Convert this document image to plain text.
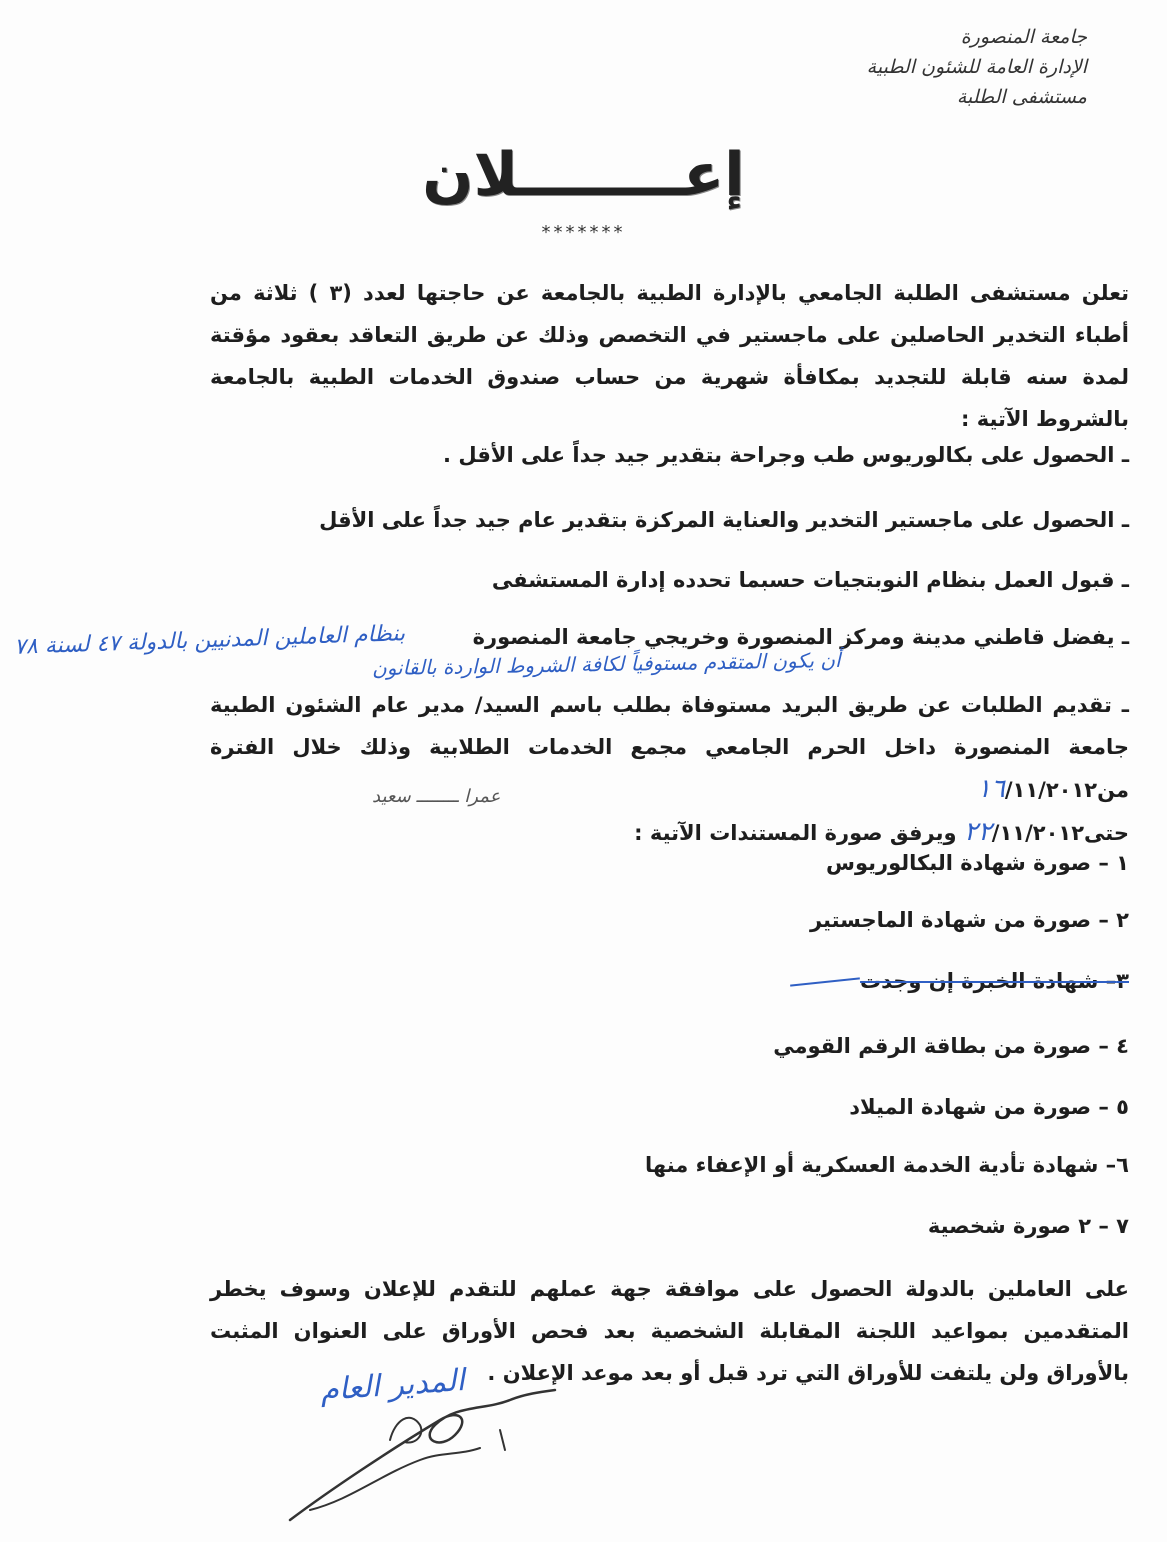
جامعة المنصورة
الإدارة العامة للشئون الطبية
مستشفى الطلبة
إعــــــــلان
*******
تعلن مستشفى الطلبة الجامعي بالإدارة الطبية بالجامعة عن حاجتها لعدد (٣ ) ثلاثة من أطباء التخدير الحاصلين على ماجستير في التخصص وذلك عن طريق التعاقد بعقود مؤقتة لمدة سنه قابلة للتجديد بمكافأة شهرية من حساب صندوق الخدمات الطبية بالجامعة بالشروط الآتية :
ـ الحصول على بكالوريوس طب وجراحة بتقدير جيد جداً على الأقل .
ـ الحصول على ماجستير التخدير والعناية المركزة بتقدير عام جيد جداً على الأقل
ـ قبول العمل بنظام النوبتجيات حسبما تحدده إدارة المستشفى
ـ يفضل قاطني مدينة ومركز المنصورة وخريجي جامعة المنصورة
بنظام العاملين المدنيين بالدولة ٤٧ لسنة ٧٨
أن يكون المتقدم مستوفياً لكافة الشروط الواردة بالقانون
ـ تقديم الطلبات عن طريق البريد مستوفاة بطلب باسم السيد/ مدير عام الشئون الطبية جامعة المنصورة داخل الحرم الجامعي مجمع الخدمات الطلابية وذلك خلال الفترة من١٦/١١/٢٠١٢
حتى٢٢/١١/٢٠١٢ ويرفق صورة المستندات الآتية :
عمرا ــــــــ سعيد
١ – صورة شهادة البكالوريوس
٢ – صورة من شهادة الماجستير
٣– شهادة الخبرة إن وجدت
٤ – صورة من بطاقة الرقم القومي
٥ – صورة من شهادة الميلاد
٦– شهادة تأدية الخدمة العسكرية أو الإعفاء منها
٧ – ٢ صورة شخصية
على العاملين بالدولة الحصول على موافقة جهة عملهم للتقدم للإعلان وسوف يخطر المتقدمين بمواعيد اللجنة المقابلة الشخصية بعد فحص الأوراق على العنوان المثبت بالأوراق ولن يلتفت للأوراق التي ترد قبل أو بعد موعد الإعلان .
المدير العام
